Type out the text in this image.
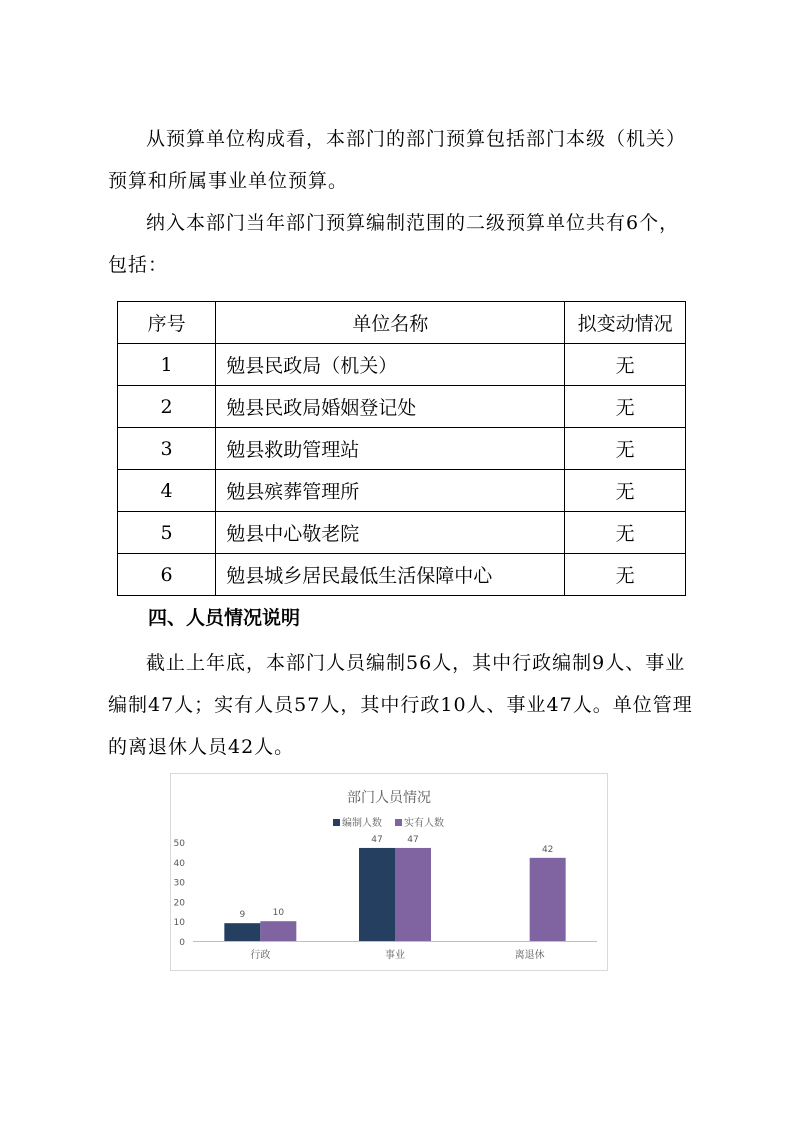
从预算单位构成看，本部门的部门预算包括部门本级（机关）预算和所属事业单位预算。

纳入本部门当年部门预算编制范围的二级预算单位共有6个，包括：

序号	单位名称	拟变动情况
1	勉县民政局（机关）	无
2	勉县民政局婚姻登记处	无
3	勉县救助管理站	无
4	勉县殡葬管理所	无
5	勉县中心敬老院	无
6	勉县城乡居民最低生活保障中心	无
四、人员情况说明

截止上年底，本部门人员编制56人，其中行政编制9人、事业编制47人；实有人员57人，其中行政10人、事业47人。单位管理的离退休人员42人。

部门人员情况
编制人数 实有人数
0
10
20
30
40
50
9	10
行政
47	47
事业
42
离退休
